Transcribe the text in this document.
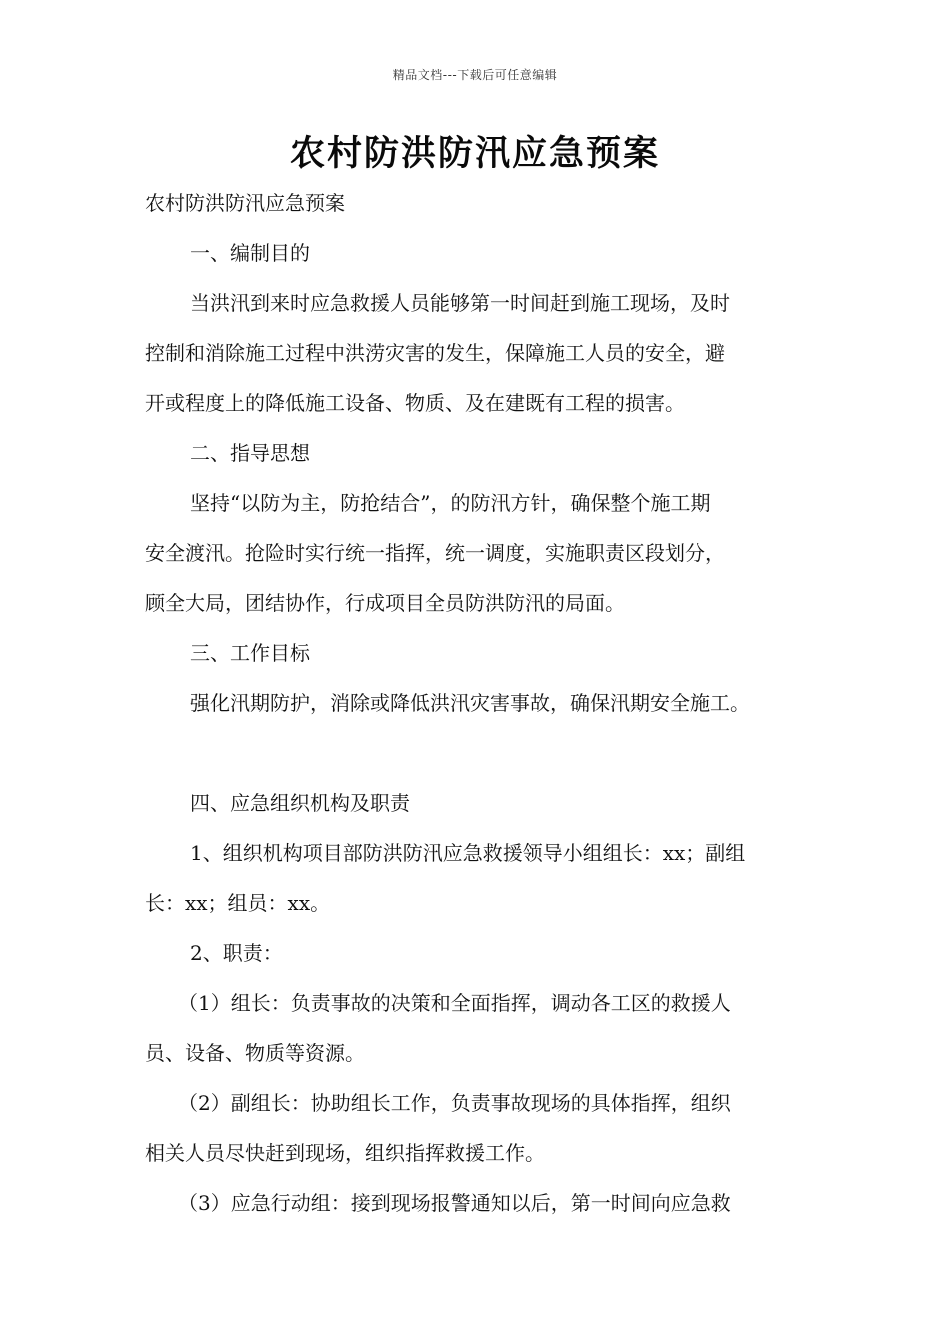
精品文档---下载后可任意编辑
农村防洪防汛应急预案
农村防洪防汛应急预案
一、编制目的
当洪汛到来时应急救援人员能够第一时间赶到施工现场，及时
控制和消除施工过程中洪涝灾害的发生，保障施工人员的安全，避
开或程度上的降低施工设备、物质、及在建既有工程的损害。
二、指导思想
坚持“以防为主，防抢结合”，的防汛方针，确保整个施工期
安全渡汛。抢险时实行统一指挥，统一调度，实施职责区段划分，
顾全大局，团结协作，行成项目全员防洪防汛的局面。
三、工作目标
强化汛期防护，消除或降低洪汛灾害事故，确保汛期安全施工。
四、应急组织机构及职责
1、组织机构项目部防洪防汛应急救援领导小组组长：xx；副组
长：xx；组员：xx。
2、职责：
（1）组长：负责事故的决策和全面指挥，调动各工区的救援人
员、设备、物质等资源。
（2）副组长：协助组长工作，负责事故现场的具体指挥，组织
相关人员尽快赶到现场，组织指挥救援工作。
（3）应急行动组：接到现场报警通知以后，第一时间向应急救
